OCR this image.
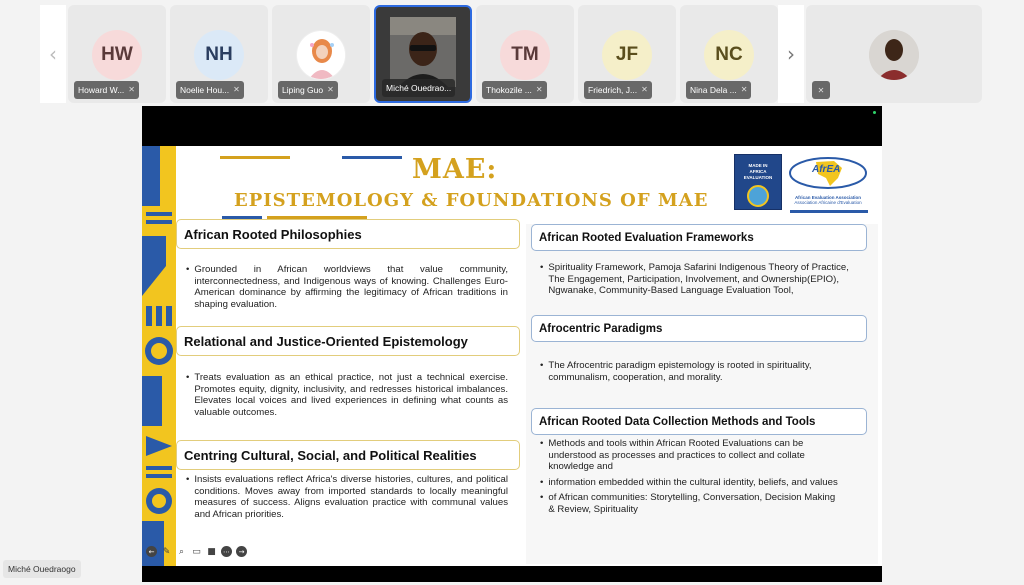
‹	HW
Howard W... ✕
NH
Noelie Hou... ✕	Liping Guo ✕	Miché Ouedrao...
TM
Thokozile ... ✕
JF
Friedrich, J... ✕
NC
Nina Dela ... ✕
›
✕
MAE:
EPISTEMOLOGY & FOUNDATIONS OF MAE
MADE IN
AFRICA
EVALUATION
AfrEA
African Evaluation Association
Association Africaine d'Evaluation
African Rooted Philosophies
• Grounded in African worldviews that value community, interconnectedness, and Indigenous ways of knowing. Challenges Euro-American dominance by affirming the legitimacy of African traditions in shaping evaluation.
Relational and Justice-Oriented Epistemology
• Treats evaluation as an ethical practice, not just a technical exercise. Promotes equity, dignity, inclusivity, and redresses historical imbalances. Elevates local voices and lived experiences in defining what counts as valuable outcomes.
Centring Cultural, Social, and Political Realities
• Insists evaluations reflect Africa's diverse histories, cultures, and political conditions. Moves away from imported standards to locally meaningful measures of success. Aligns evaluation practice with communal values and African priorities.
African Rooted Evaluation Frameworks
• Spirituality Framework, Pamoja Safarini Indigenous Theory of Practice, The Engagement, Participation, Involvement, and Ownership(EPIO), Ngwanake, Community-Based Language Evaluation Tool,
Afrocentric Paradigms
• The Afrocentric paradigm epistemology is rooted in spirituality, communalism, cooperation, and morality.
African Rooted Data Collection Methods and Tools
• Methods and tools within African Rooted Evaluations can be understood as processes and practices to collect and collate knowledge and
• information embedded within the cultural identity, beliefs, and values
• of African communities: Storytelling, Conversation, Decision Making & Review, Spirituality
← ✎ ⌕ ▭ ■ ⋯	→
Miché Ouedraogo
